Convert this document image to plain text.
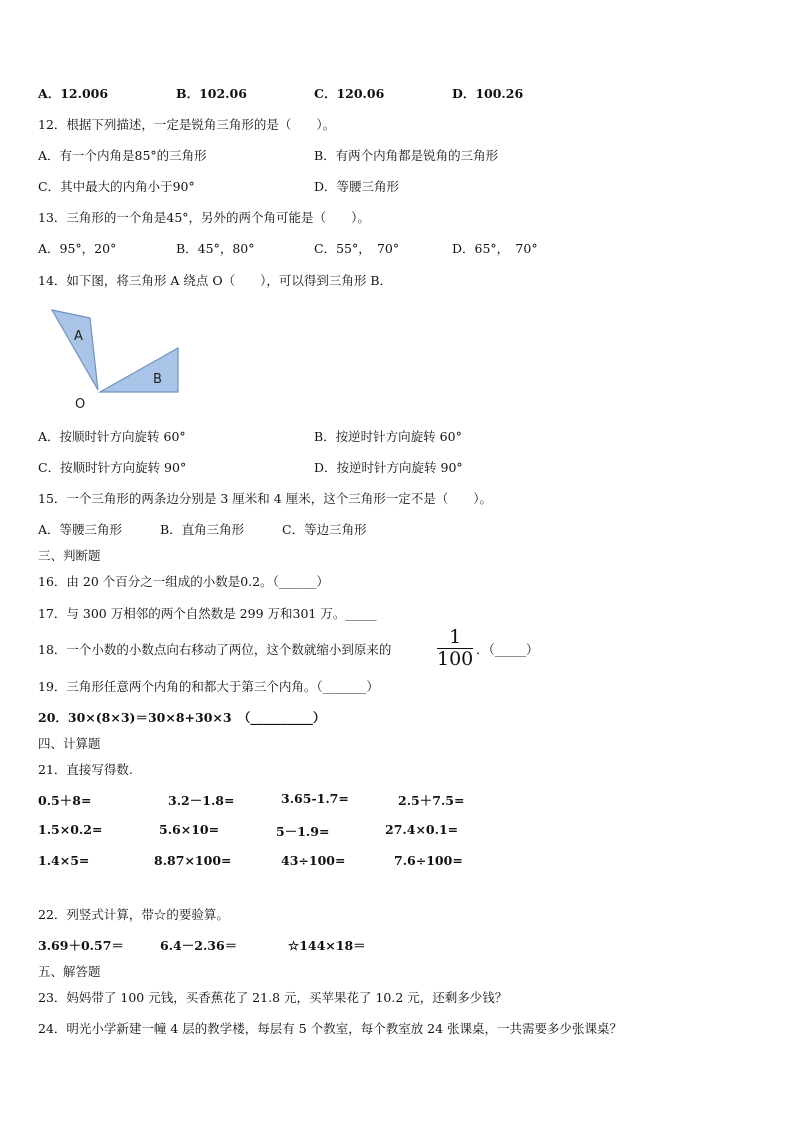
A．12.006	B．102.06	C．120.06	D．100.26
12．根据下列描述，一定是锐角三角形的是（　　）。
A．有一个内角是85°的三角形	B．有两个内角都是锐角的三角形
C．其中最大的内角小于90°	D．等腰三角形
13．三角形的一个角是45°，另外的两个角可能是（　　）。
A．95°，20°	B．45°，80°	C．55°，　70°	D．65°，　70°
14．如下图，将三角形 A 绕点 O（　　），可以得到三角形 B．
A
B
O
A．按顺时针方向旋转 60°	B．按逆时针方向旋转 60°
C．按顺时针方向旋转 90°	D．按逆时针方向旋转 90°
15．一个三角形的两条边分别是 3 厘米和 4 厘米，这个三角形一定不是（　　）。
A．等腰三角形	B．直角三角形	C．等边三角形
三、判断题
16．由 20 个百分之一组成的小数是0.2。（______）
17．与 300 万相邻的两个自然数是 299 万和301 万。_____
18．一个小数的小数点向右移动了两位，这个数就缩小到原来的
1
100 ．（_____）
19．三角形任意两个内角的和都大于第三个内角。（_______）
20．30×(8×3)＝30×8+30×3　（__________）
四、计算题
21．直接写得数.
0.5＋8=	3.2－1.8=	3.65-1.7=	2.5＋7.5=
1.5×0.2=	5.6×10=	5－1.9=	27.4×0.1=
1.4×5=	8.87×100=	43÷100=	7.6÷100=
22．列竖式计算，带☆的要验算。
3.69＋0.57＝	6.4－2.36＝	☆144×18＝
五、解答题
23．妈妈带了 100 元钱，买香蕉花了 21.8 元，买苹果花了 10.2 元，还剩多少钱？
24．明光小学新建一幢 4 层的教学楼，每层有 5 个教室，每个教室放 24 张课桌，一共需要多少张课桌？
